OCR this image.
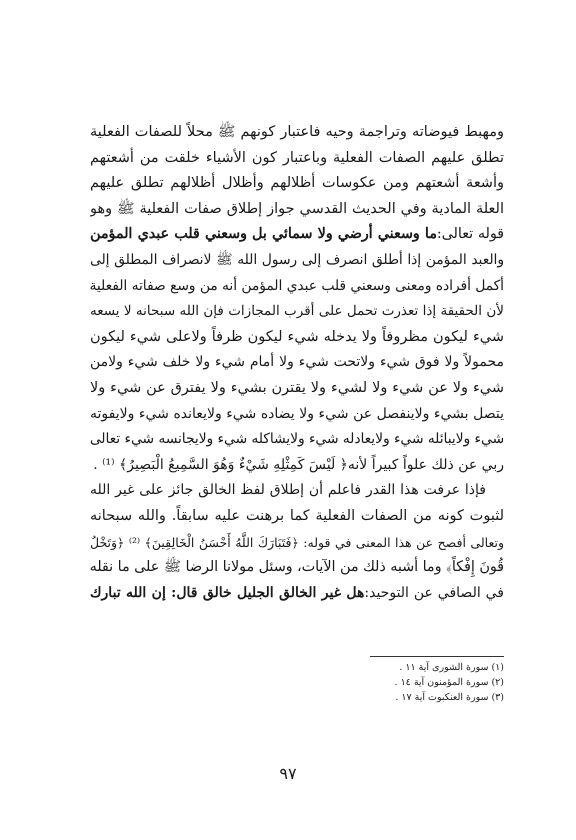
ومهبط فيوضاته وتراجمة وحيه فاعتبار كونهم ﷺ محلاً للصفات الفعلية
تطلق عليهم الصفات الفعلية وباعتبار كون الأشياء خلقت من أشعتهم
وأشعة أشعتهم ومن عكوسات أظلالهم وأظلال أظلالهم تطلق عليهم
العلة المادية وفي الحديث القدسي جواز إطلاق صفات الفعلية ﷺ وهو
قوله تعالى:ما وسعني أرضي ولا سمائي بل وسعني قلب عبدي المؤمن
والعبد المؤمن إذا أطلق انصرف إلى رسول الله ﷺ لانصراف المطلق إلى
أكمل أفراده ومعنى وسعني قلب عبدي المؤمن أنه من وسع صفاته الفعلية
لأن الحقيقة إذا تعذرت تحمل على أقرب المجازات فإن الله سبحانه لا يسعه
شيء ليكون مظروفاً ولا يدخله شيء ليكون ظرفاً ولاعلى شيء ليكون
محمولاً ولا فوق شيء ولاتحت شيء ولا أمام شيء ولا خلف شيء ولامن
شيء ولا عن شيء ولا لشيء ولا يقترن بشيء ولا يفترق عن شيء ولا
يتصل بشيء ولاينفصل عن شيء ولا يضاده شيء ولايعانده شيء ولايفوته
شيء ولايبائله شيء ولايعادله شيء ولايشاكله شيء ولايجانسه شيء تعالى
ربي عن ذلك علواً كبيراً لأنه﴿ لَيْسَ كَمِثْلِهِ شَيْءٌ وَهُوَ السَّمِيعُ الْبَصِيرُ﴾ ⁽¹⁾ .
فإذا عرفت هذا القدر فاعلم أن إطلاق لفظ الخالق جائز على غير الله
لثبوت كونه من الصفات الفعلية كما برهنت عليه سابقاً. والله سبحانه
وتعالى أفصح عن هذا المعنى في قوله: ﴿فَتَبَارَكَ اللَّهُ أَحْسَنُ الْخَالِقِينَ﴾ ⁽²⁾ ﴿وَتَخْلُ
قُونَ إِفْكاً﴾ وما أشبه ذلك من الآيات، وسئل مولانا الرضا ﷺ على ما نقله
في الصافي عن التوحيد:هل غير الخالق الجليل خالق قال: إن الله تبارك
(١) سورة الشورى آية ١١ .
(٢) سورة المؤمنون آية ١٤ .
(٣) سورة العنكبوت آية ١٧ .
٩٧
